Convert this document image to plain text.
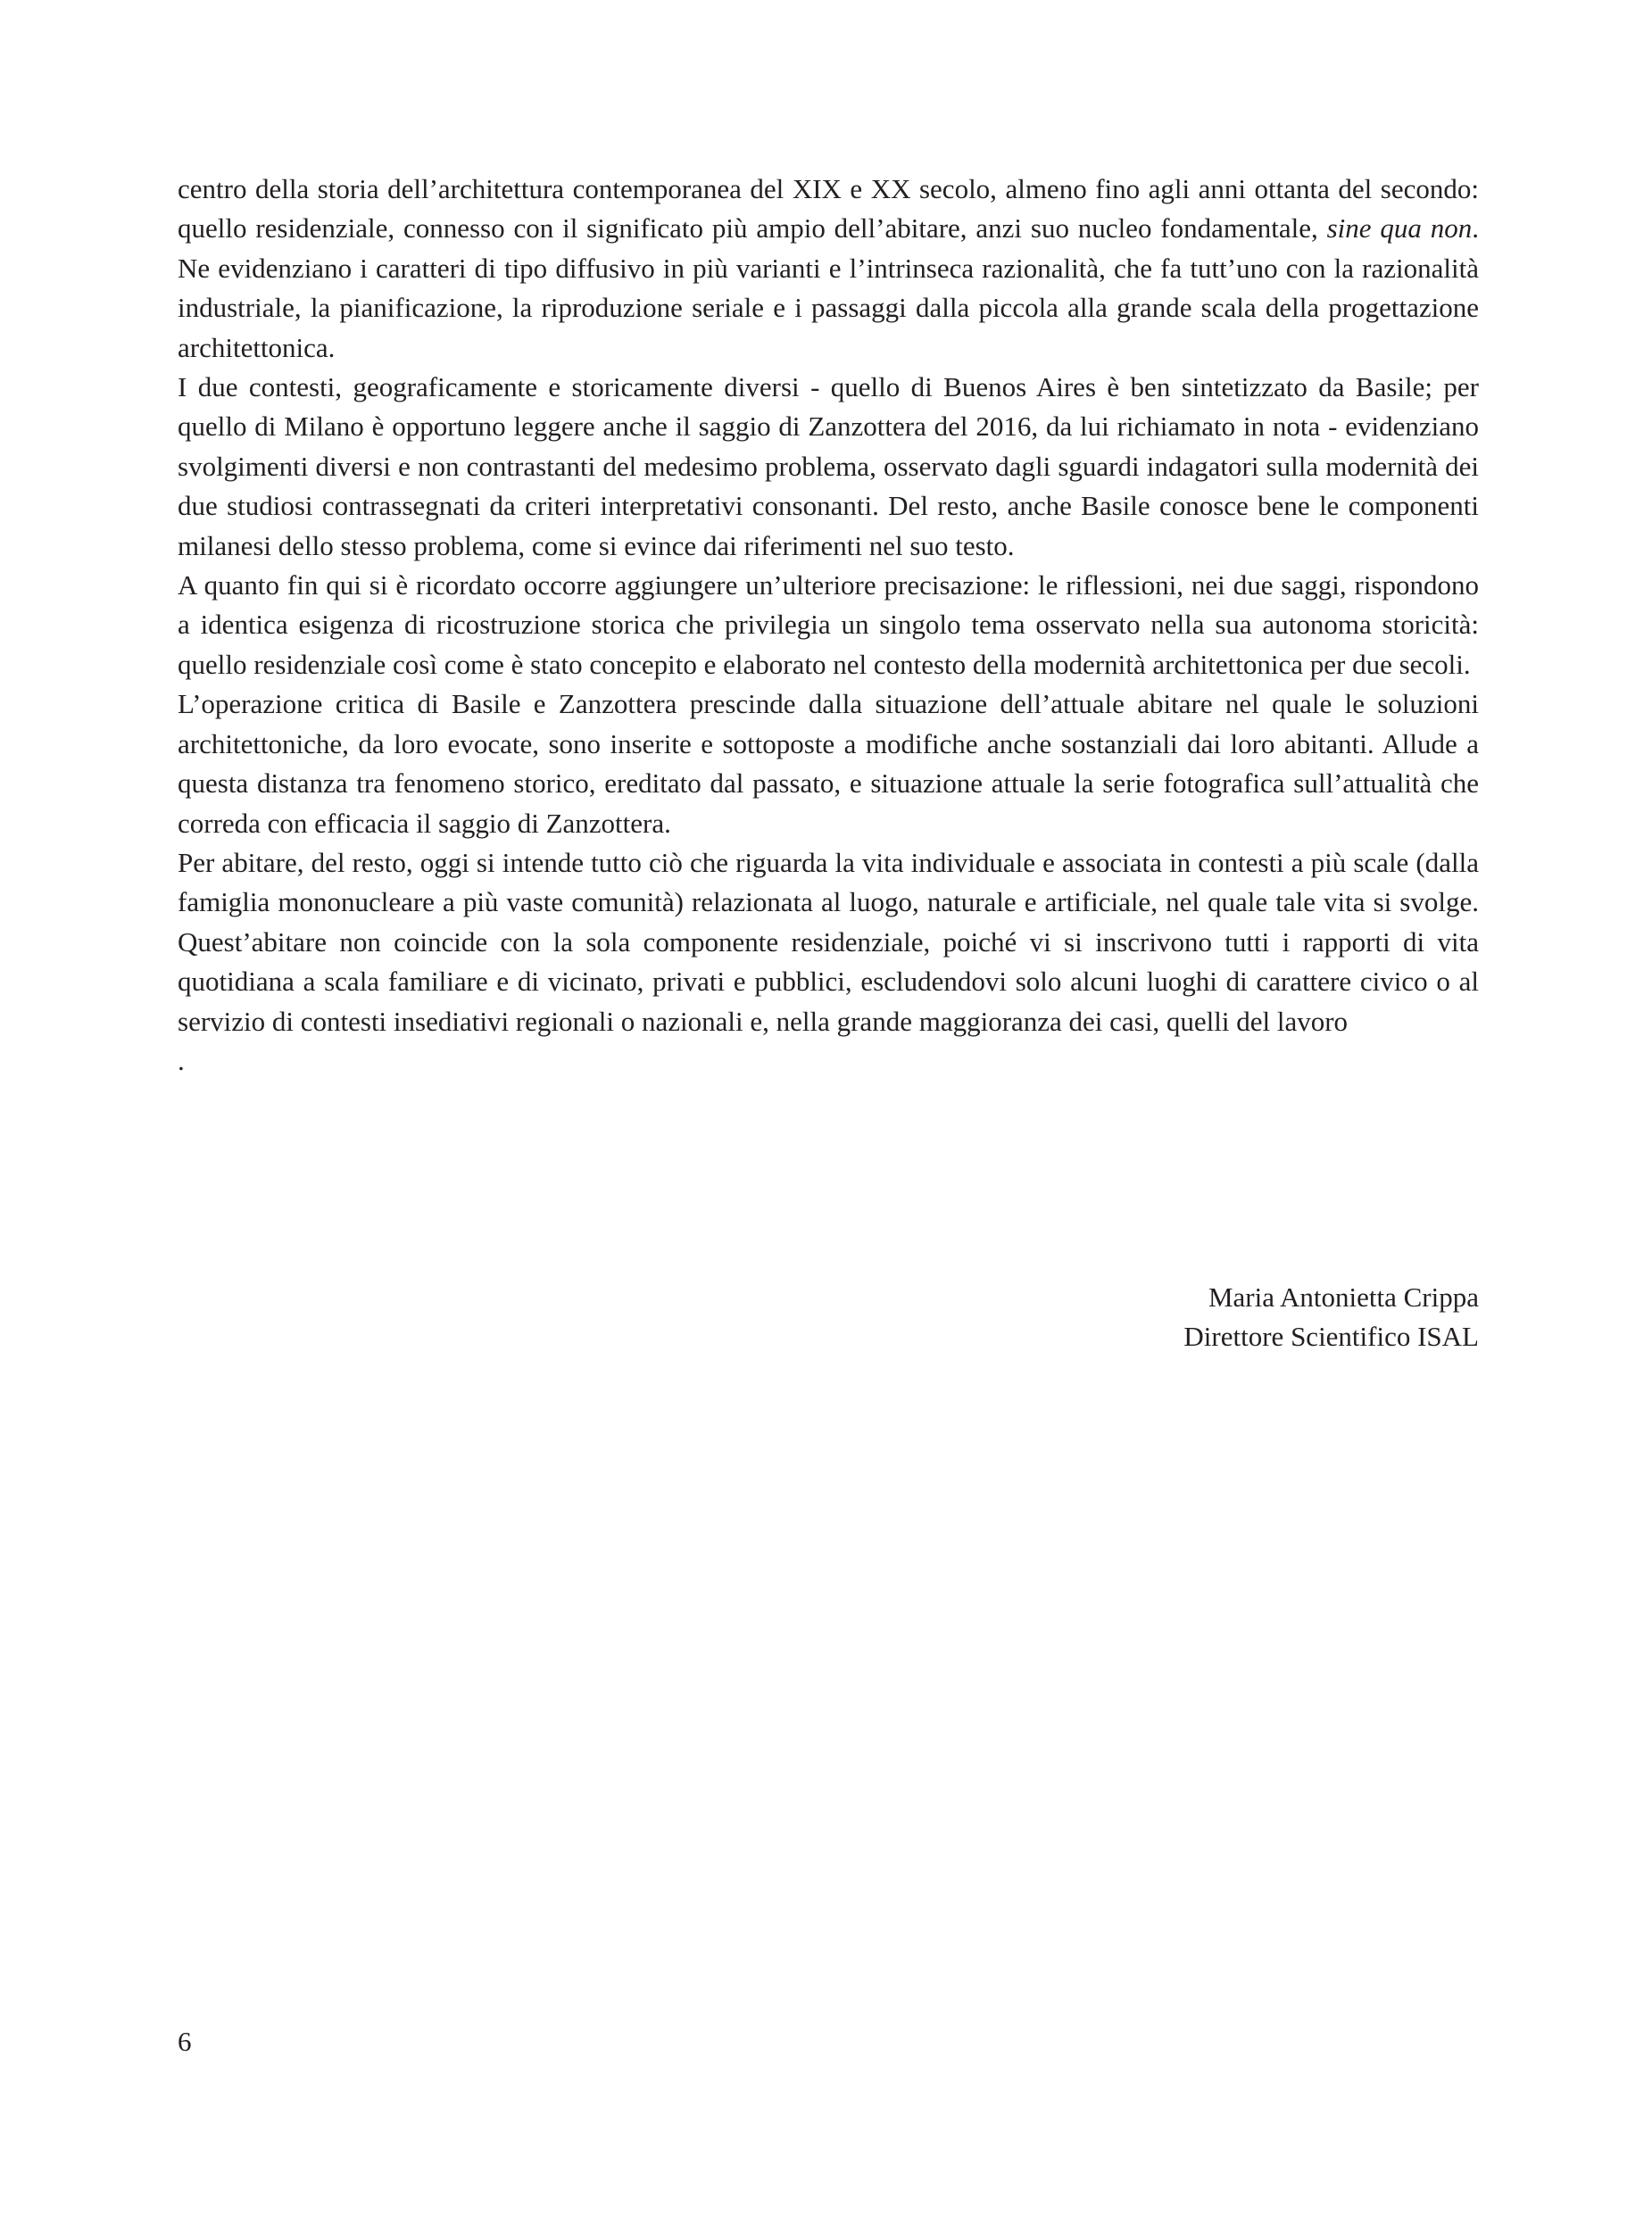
centro della storia dell’architettura contemporanea del XIX e XX secolo, almeno fino agli anni ottanta del secondo: quello residenziale, connesso con il significato più ampio dell’abitare, anzi suo nucleo fondamentale, sine qua non. Ne evidenziano i caratteri di tipo diffusivo in più varianti e l’intrinseca razionalità, che fa tutt’uno con la razionalità industriale, la pianificazione, la riproduzione seriale e i passaggi dalla piccola alla grande scala della progettazione architettonica.

I due contesti, geograficamente e storicamente diversi - quello di Buenos Aires è ben sintetizzato da Basile; per quello di Milano è opportuno leggere anche il saggio di Zanzottera del 2016, da lui richiamato in nota - evidenziano svolgimenti diversi e non contrastanti del medesimo problema, osservato dagli sguardi indagatori sulla modernità dei due studiosi contrassegnati da criteri interpretativi consonanti. Del resto, anche Basile conosce bene le componenti milanesi dello stesso problema, come si evince dai riferimenti nel suo testo.

A quanto fin qui si è ricordato occorre aggiungere un’ulteriore precisazione: le riflessioni, nei due saggi, rispondono a identica esigenza di ricostruzione storica che privilegia un singolo tema osservato nella sua autonoma storicità: quello residenziale così come è stato concepito e elaborato nel contesto della modernità architettonica per due secoli.

L’operazione critica di Basile e Zanzottera prescinde dalla situazione dell’attuale abitare nel quale le soluzioni architettoniche, da loro evocate, sono inserite e sottoposte a modifiche anche sostanziali dai loro abitanti. Allude a questa distanza tra fenomeno storico, ereditato dal passato, e situazione attuale la serie fotografica sull’attualità che correda con efficacia il saggio di Zanzottera.

Per abitare, del resto, oggi si intende tutto ciò che riguarda la vita individuale e associata in contesti a più scale (dalla famiglia mononucleare a più vaste comunità) relazionata al luogo, naturale e artificiale, nel quale tale vita si svolge. Quest’abitare non coincide con la sola componente residenziale, poiché vi si inscrivono tutti i rapporti di vita quotidiana a scala familiare e di vicinato, privati e pubblici, escludendovi solo alcuni luoghi di carattere civico o al servizio di contesti insediativi regionali o nazionali e, nella grande maggioranza dei casi, quelli del lavoro

.

Maria Antonietta Crippa
Direttore Scientifico ISAL
6
